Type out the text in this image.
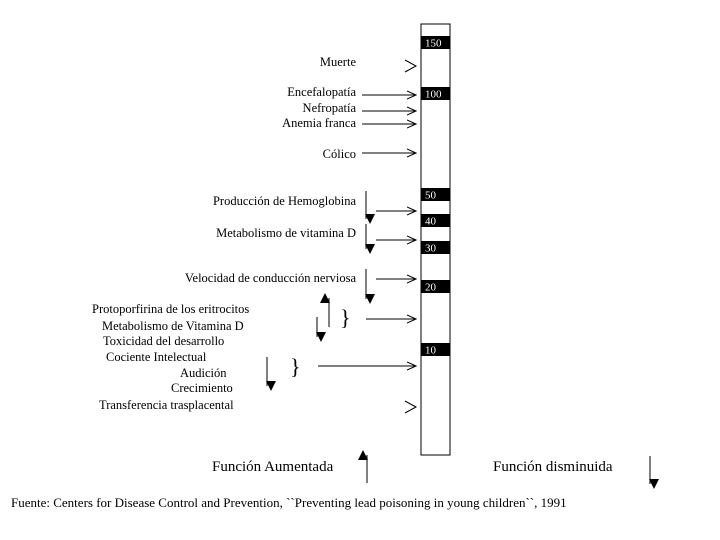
150
100
50
40
30
20
10
}
}
Muerte
Encefalopatía
Nefropatía
Anemia franca
Cólico
Producción de Hemoglobina
Metabolismo de vitamina D
Velocidad de conducción nerviosa
Protoporfirina de los eritrocitos
Metabolismo de Vitamina D
Toxicidad del desarrollo
Cociente Intelectual
Audición
Crecimiento
Transferencia trasplacental
Función Aumentada	Función disminuida
Fuente: Centers for Disease Control and Prevention, ``Preventing lead poisoning in young children``, 1991
